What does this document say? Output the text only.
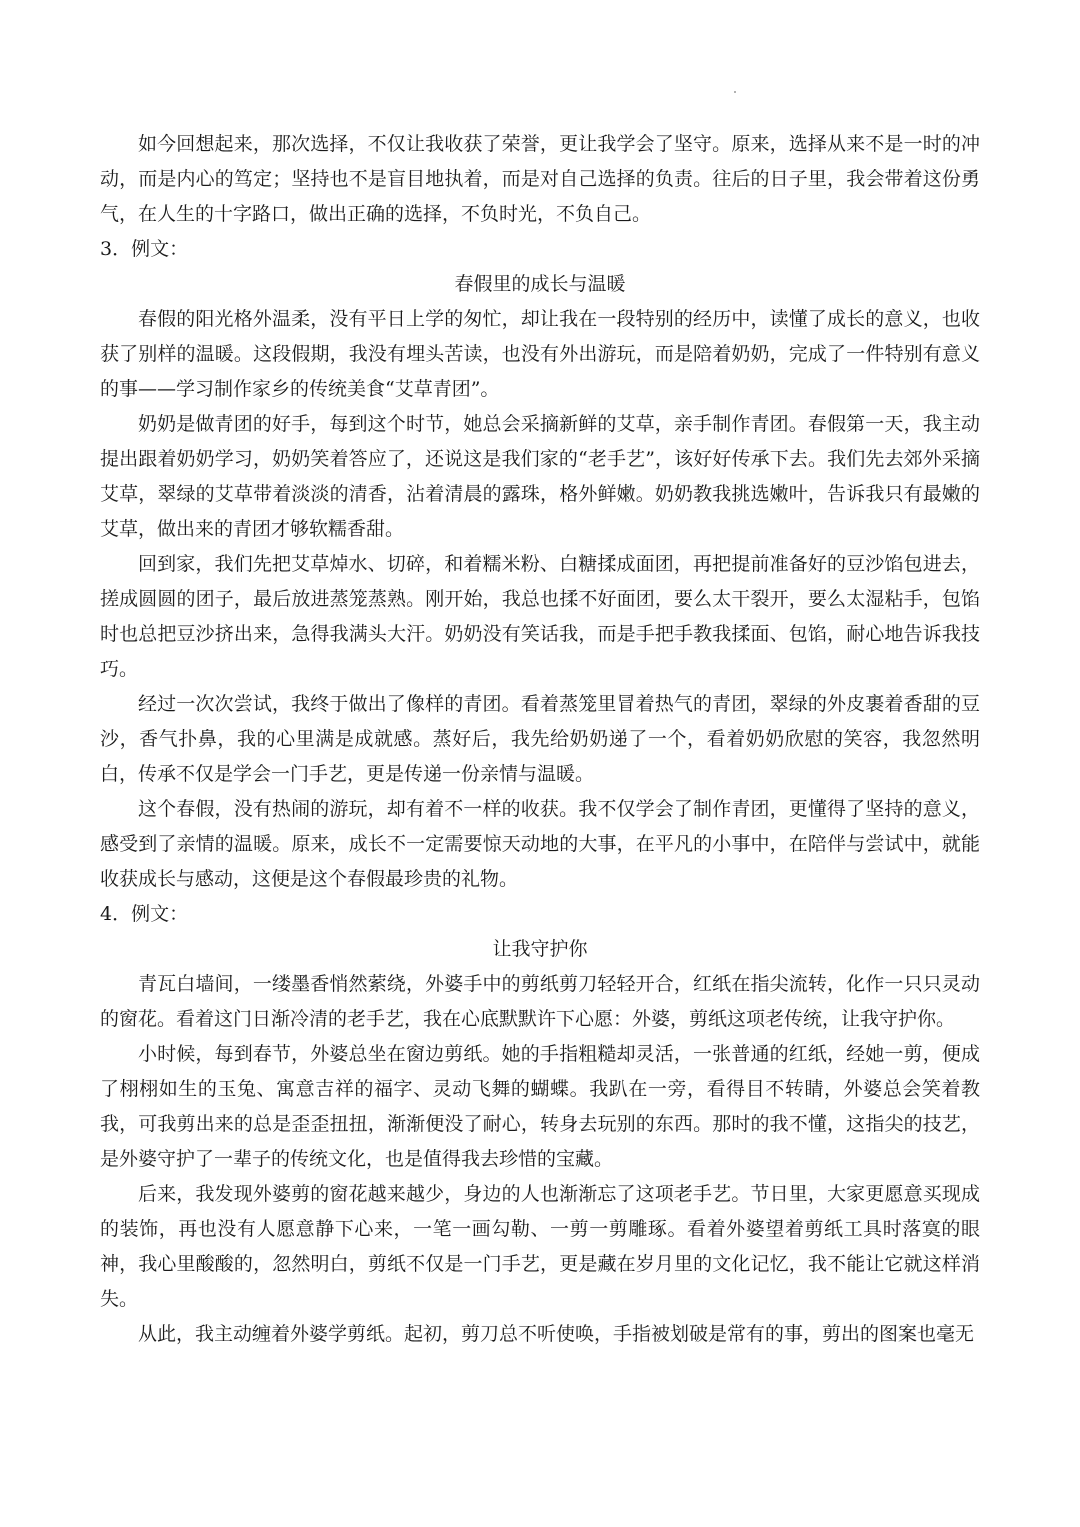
如今回想起来，那次选择，不仅让我收获了荣誉，更让我学会了坚守。原来，选择从来不是一时的冲动，而是内心的笃定；坚持也不是盲目地执着，而是对自己选择的负责。往后的日子里，我会带着这份勇气，在人生的十字路口，做出正确的选择，不负时光，不负自己。

3．例文：

春假里的成长与温暖

春假的阳光格外温柔，没有平日上学的匆忙，却让我在一段特别的经历中，读懂了成长的意义，也收获了别样的温暖。这段假期，我没有埋头苦读，也没有外出游玩，而是陪着奶奶，完成了一件特别有意义的事——学习制作家乡的传统美食“艾草青团”。

奶奶是做青团的好手，每到这个时节，她总会采摘新鲜的艾草，亲手制作青团。春假第一天，我主动提出跟着奶奶学习，奶奶笑着答应了，还说这是我们家的“老手艺”，该好好传承下去。我们先去郊外采摘艾草，翠绿的艾草带着淡淡的清香，沾着清晨的露珠，格外鲜嫩。奶奶教我挑选嫩叶，告诉我只有最嫩的艾草，做出来的青团才够软糯香甜。

回到家，我们先把艾草焯水、切碎，和着糯米粉、白糖揉成面团，再把提前准备好的豆沙馅包进去，搓成圆圆的团子，最后放进蒸笼蒸熟。刚开始，我总也揉不好面团，要么太干裂开，要么太湿粘手，包馅时也总把豆沙挤出来，急得我满头大汗。奶奶没有笑话我，而是手把手教我揉面、包馅，耐心地告诉我技巧。

经过一次次尝试，我终于做出了像样的青团。看着蒸笼里冒着热气的青团，翠绿的外皮裹着香甜的豆沙，香气扑鼻，我的心里满是成就感。蒸好后，我先给奶奶递了一个，看着奶奶欣慰的笑容，我忽然明白，传承不仅是学会一门手艺，更是传递一份亲情与温暖。

这个春假，没有热闹的游玩，却有着不一样的收获。我不仅学会了制作青团，更懂得了坚持的意义，感受到了亲情的温暖。原来，成长不一定需要惊天动地的大事，在平凡的小事中，在陪伴与尝试中，就能收获成长与感动，这便是这个春假最珍贵的礼物。

4．例文：

让我守护你

青瓦白墙间，一缕墨香悄然萦绕，外婆手中的剪纸剪刀轻轻开合，红纸在指尖流转，化作一只只灵动的窗花。看着这门日渐冷清的老手艺，我在心底默默许下心愿：外婆，剪纸这项老传统，让我守护你。

小时候，每到春节，外婆总坐在窗边剪纸。她的手指粗糙却灵活，一张普通的红纸，经她一剪，便成了栩栩如生的玉兔、寓意吉祥的福字、灵动飞舞的蝴蝶。我趴在一旁，看得目不转睛，外婆总会笑着教我，可我剪出来的总是歪歪扭扭，渐渐便没了耐心，转身去玩别的东西。那时的我不懂，这指尖的技艺，是外婆守护了一辈子的传统文化，也是值得我去珍惜的宝藏。

后来，我发现外婆剪的窗花越来越少，身边的人也渐渐忘了这项老手艺。节日里，大家更愿意买现成的装饰，再也没有人愿意静下心来，一笔一画勾勒、一剪一剪雕琢。看着外婆望着剪纸工具时落寞的眼神，我心里酸酸的，忽然明白，剪纸不仅是一门手艺，更是藏在岁月里的文化记忆，我不能让它就这样消失。

从此，我主动缠着外婆学剪纸。起初，剪刀总不听使唤，手指被划破是常有的事，剪出的图案也毫无
